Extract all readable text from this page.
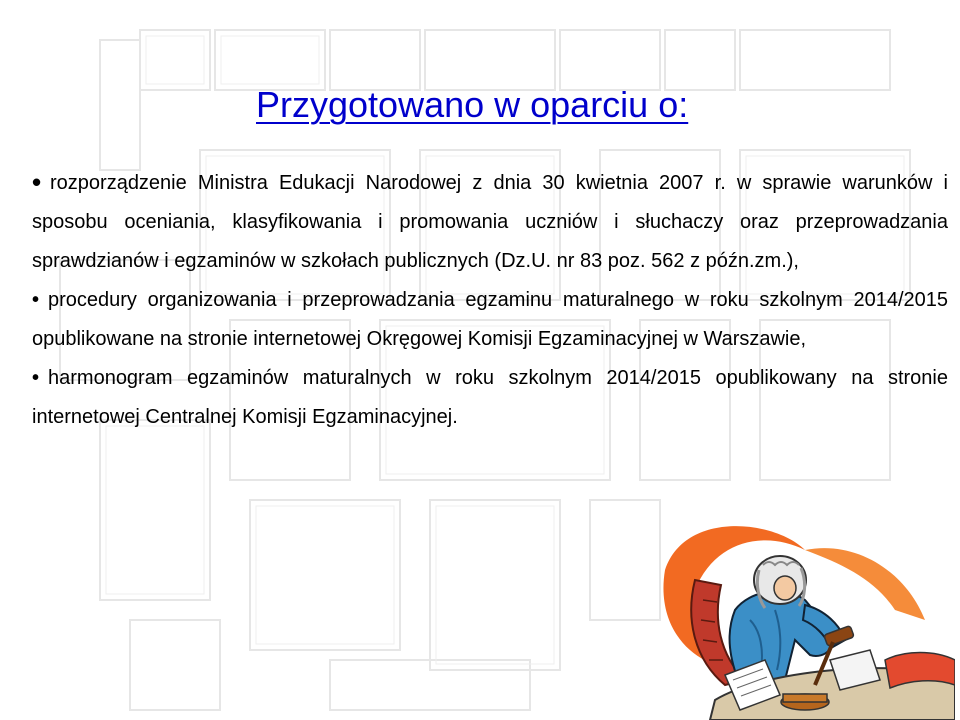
Przygotowano w oparciu o:
• rozporządzenie Ministra Edukacji Narodowej z dnia 30 kwietnia 2007 r. w sprawie warunków i sposobu oceniania, klasyfikowania i promowania uczniów i słuchaczy oraz przeprowadzania sprawdzianów i egzaminów w szkołach publicznych (Dz.U. nr 83 poz. 562 z późn.zm.),
• procedury organizowania i przeprowadzania egzaminu maturalnego w roku szkolnym 2014/2015 opublikowane na stronie internetowej Okręgowej Komisji Egzaminacyjnej w Warszawie,
• harmonogram egzaminów maturalnych w roku szkolnym 2014/2015 opublikowany na stronie internetowej Centralnej Komisji Egzaminacyjnej.
